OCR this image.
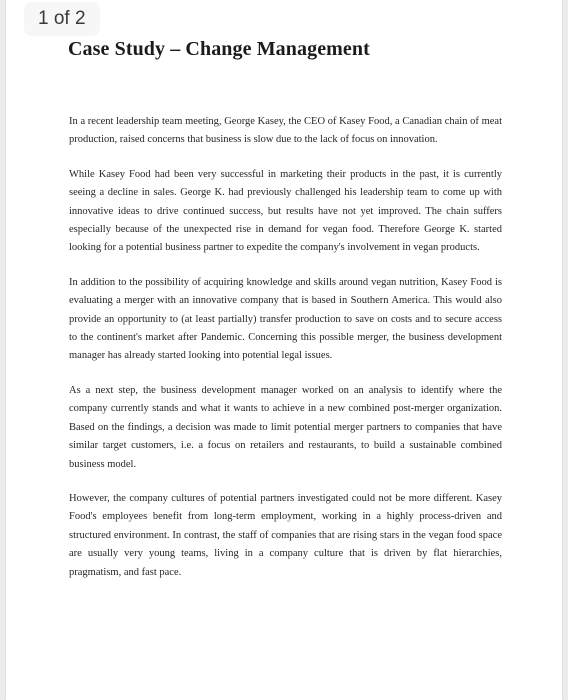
1 of 2
Case Study – Change Management

In a recent leadership team meeting, George Kasey, the CEO of Kasey Food, a Canadian chain of meat production, raised concerns that business is slow due to the lack of focus on innovation.

While Kasey Food had been very successful in marketing their products in the past, it is currently seeing a decline in sales. George K. had previously challenged his leadership team to come up with innovative ideas to drive continued success, but results have not yet improved. The chain suffers especially because of the unexpected rise in demand for vegan food. Therefore George K. started looking for a potential business partner to expedite the company's involvement in vegan products.

In addition to the possibility of acquiring knowledge and skills around vegan nutrition, Kasey Food is evaluating a merger with an innovative company that is based in Southern America. This would also provide an opportunity to (at least partially) transfer production to save on costs and to secure access to the continent's market after Pandemic. Concerning this possible merger, the business development manager has already started looking into potential legal issues.

As a next step, the business development manager worked on an analysis to identify where the company currently stands and what it wants to achieve in a new combined post-merger organization. Based on the findings, a decision was made to limit potential merger partners to companies that have similar target customers, i.e. a focus on retailers and restaurants, to build a sustainable combined business model.

However, the company cultures of potential partners investigated could not be more different. Kasey Food's employees benefit from long-term employment, working in a highly process-driven and structured environment. In contrast, the staff of companies that are rising stars in the vegan food space are usually very young teams, living in a company culture that is driven by flat hierarchies, pragmatism, and fast pace.
